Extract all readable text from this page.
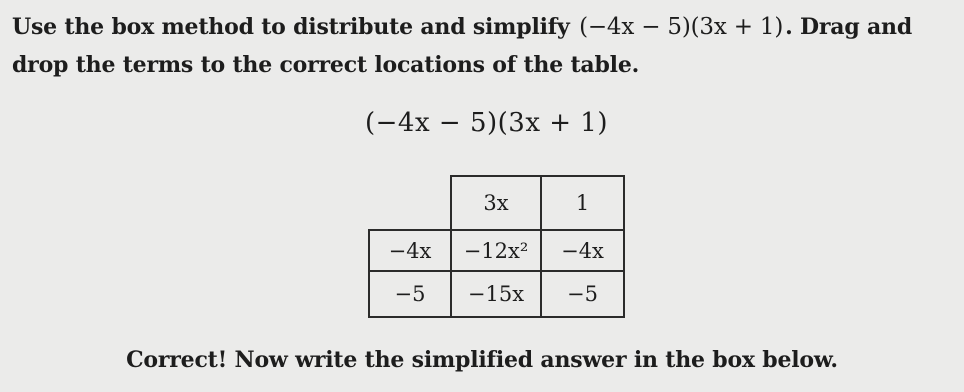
Use the box method to distribute and simplify (−4x − 5)(3x + 1). Drag and drop the terms to the correct locations of the table.
(−4x − 5)(3x + 1)
	3x	1
−4x	−12x²	−4x
−5	−15x	−5
Correct! Now write the simplified answer in the box below.
